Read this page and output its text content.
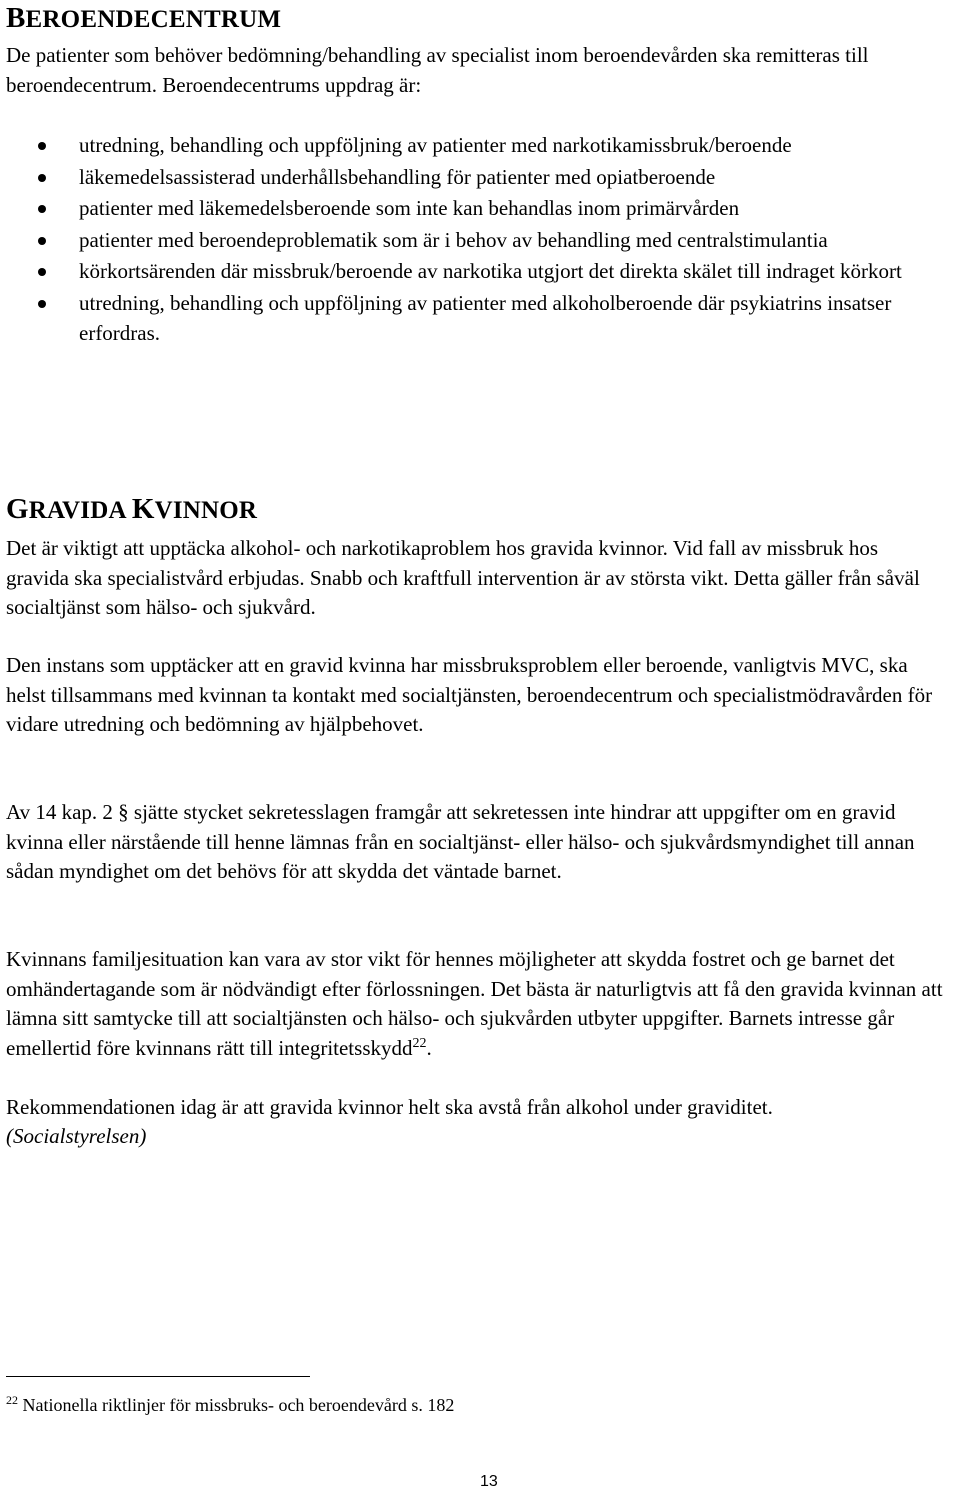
BEROENDECENTRUM

De patienter som behöver bedömning/behandling av specialist inom beroendevården ska remitteras till beroendecentrum. Beroendecentrums uppdrag är:

utredning, behandling och uppföljning av patienter med narkotikamissbruk/beroende
läkemedelsassisterad underhållsbehandling för patienter med opiatberoende
patienter med läkemedelsberoende som inte kan behandlas inom primärvården
patienter med beroendeproblematik som är i behov av behandling med centralstimulantia
körkortsärenden där missbruk/beroende av narkotika utgjort det direkta skälet till indraget körkort
utredning, behandling och uppföljning av patienter med alkoholberoende där psykiatrins insatser erfordras.
GRAVIDA KVINNOR

Det är viktigt att upptäcka alkohol- och narkotikaproblem hos gravida kvinnor. Vid fall av missbruk hos gravida ska specialistvård erbjudas. Snabb och kraftfull intervention är av största vikt. Detta gäller från såväl socialtjänst som hälso- och sjukvård.

Den instans som upptäcker att en gravid kvinna har missbruksproblem eller beroende, vanligtvis MVC, ska helst tillsammans med kvinnan ta kontakt med socialtjänsten, beroendecentrum och specialistmödravården för vidare utredning och bedömning av hjälpbehovet.

Av 14 kap. 2 § sjätte stycket sekretesslagen framgår att sekretessen inte hindrar att uppgifter om en gravid kvinna eller närstående till henne lämnas från en socialtjänst- eller hälso- och sjukvårdsmyndighet till annan sådan myndighet om det behövs för att skydda det väntade barnet.

Kvinnans familjesituation kan vara av stor vikt för hennes möjligheter att skydda fostret och ge barnet det omhändertagande som är nödvändigt efter förlossningen. Det bästa är naturligtvis att få den gravida kvinnan att lämna sitt samtycke till att socialtjänsten och hälso- och sjukvården utbyter uppgifter. Barnets intresse går emellertid före kvinnans rätt till integritetsskydd$^{22}$.

Rekommendationen idag är att gravida kvinnor helt ska avstå från alkohol under graviditet.

(Socialstyrelsen)

$^{22}$ Nationella riktlinjer för missbruks- och beroendevård s. 182
13
